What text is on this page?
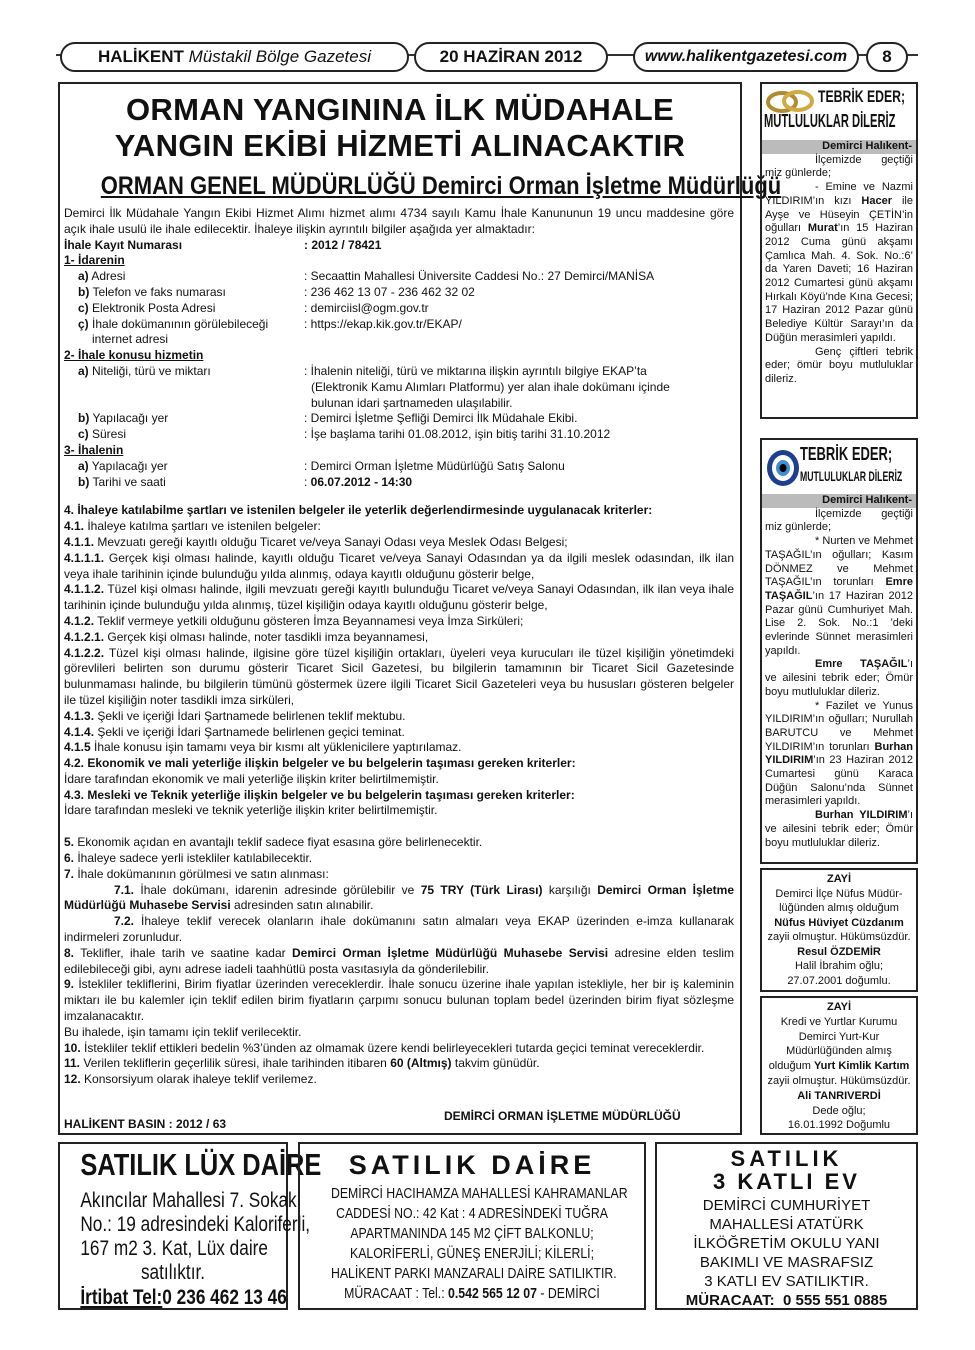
HALİKENT
Müstakil Bölge Gazetesi	20 HAZİRAN 2012	www.halikentgazetesi.com	8
ORMAN YANGININA İLK MÜDAHALE
YANGIN EKİBİ HİZMETİ ALINACAKTIR
ORMAN GENEL MÜDÜRLÜĞÜ Demirci Orman İşletme Müdürlüğü

Demirci İlk Müdahale Yangın Ekibi Hizmet Alımı hizmet alımı 4734 sayılı Kamu İhale Kanununun 19 uncu maddesine göre açık ihale usulü ile ihale edilecektir. İhaleye ilişkin ayrıntılı bilgiler aşağıda yer almaktadır:

İhale Kayıt Numarası	: 2012 / 78421
1- İdarenin
a) Adresi	: Secaattin Mahallesi Üniversite Caddesi No.: 27 Demirci/MANİSA
b) Telefon ve faks numarası	: 236 462 13 07 - 236 462 32 02
c) Elektronik Posta Adresi	: demirciisl@ogm.gov.tr
ç) İhale dokümanının görülebileceği
internet adresi
: https://ekap.kik.gov.tr/EKAP/
2- İhale konusu hizmetin
a) Niteliği, türü ve miktarı	: İhalenin niteliği, türü ve miktarına ilişkin ayrıntılı bilgiye EKAP’ta
(Elektronik Kamu Alımları Platformu) yer alan ihale dokümanı içinde
bulunan idari şartnameden ulaşılabilir.
b) Yapılacağı yer	: Demirci İşletme Şefliği Demirci İlk Müdahale Ekibi.
c) Süresi	: İşe başlama tarihi 01.08.2012, işin bitiş tarihi 31.10.2012
3- İhalenin
a) Yapılacağı yer	: Demirci Orman İşletme Müdürlüğü Satış Salonu
b) Tarihi ve saati	: 06.07.2012 - 14:30

4. İhaleye katılabilme şartları ve istenilen belgeler ile yeterlik değerlendirmesinde uygulanacak kriterler:

4.1. İhaleye katılma şartları ve istenilen belgeler:

4.1.1. Mevzuatı gereği kayıtlı olduğu Ticaret ve/veya Sanayi Odası veya Meslek Odası Belgesi;

4.1.1.1. Gerçek kişi olması halinde, kayıtlı olduğu Ticaret ve/veya Sanayi Odasından ya da ilgili meslek odasından, ilk ilan veya ihale tarihinin içinde bulunduğu yılda alınmış, odaya kayıtlı olduğunu gösterir belge,

4.1.1.2. Tüzel kişi olması halinde, ilgili mevzuatı gereği kayıtlı bulunduğu Ticaret ve/veya Sanayi Odasından, ilk ilan veya ihale tarihinin içinde bulunduğu yılda alınmış, tüzel kişiliğin odaya kayıtlı olduğunu gösterir belge,

4.1.2. Teklif vermeye yetkili olduğunu gösteren İmza Beyannamesi veya İmza Sirküleri;

4.1.2.1. Gerçek kişi olması halinde, noter tasdikli imza beyannamesi,

4.1.2.2. Tüzel kişi olması halinde, ilgisine göre tüzel kişiliğin ortakları, üyeleri veya kurucuları ile tüzel kişiliğin yönetimdeki görevlileri belirten son durumu gösterir Ticaret Sicil Gazetesi, bu bilgilerin tamamının bir Ticaret Sicil Gazetesinde bulunmaması halinde, bu bilgilerin tümünü göstermek üzere ilgili Ticaret Sicil Gazeteleri veya bu hususları gösteren belgeler ile tüzel kişiliğin noter tasdikli imza sirküleri,

4.1.3. Şekli ve içeriği İdari Şartnamede belirlenen teklif mektubu.

4.1.4. Şekli ve içeriği İdari Şartnamede belirlenen geçici teminat.

4.1.5 İhale konusu işin tamamı veya bir kısmı alt yüklenicilere yaptırılamaz.

4.2. Ekonomik ve mali yeterliğe ilişkin belgeler ve bu belgelerin taşıması gereken kriterler:

İdare tarafından ekonomik ve mali yeterliğe ilişkin kriter belirtilmemiştir.

4.3. Mesleki ve Teknik yeterliğe ilişkin belgeler ve bu belgelerin taşıması gereken kriterler:

İdare tarafından mesleki ve teknik yeterliğe ilişkin kriter belirtilmemiştir.

5. Ekonomik açıdan en avantajlı teklif sadece fiyat esasına göre belirlenecektir.

6. İhaleye sadece yerli istekliler katılabilecektir.

7. İhale dokümanının görülmesi ve satın alınması:

7.1. İhale dokümanı, idarenin adresinde görülebilir ve 75 TRY (Türk Lirası) karşılığı Demirci Orman İşletme Müdürlüğü Muhasebe Servisi adresinden satın alınabilir.

7.2. İhaleye teklif verecek olanların ihale dokümanını satın almaları veya EKAP üzerinden e-imza kullanarak indirmeleri zorunludur.

8. Teklifler, ihale tarih ve saatine kadar Demirci Orman İşletme Müdürlüğü Muhasebe Servisi adresine elden teslim edilebileceği gibi, aynı adrese iadeli taahhütlü posta vasıtasıyla da gönderilebilir.

9. İstekliler tekliflerini, Birim fiyatlar üzerinden vereceklerdir. İhale sonucu üzerine ihale yapılan istekliyle, her bir iş kaleminin miktarı ile bu kalemler için teklif edilen birim fiyatların çarpımı sonucu bulunan toplam bedel üzerinden birim fiyat sözleşme imzalanacaktır.

Bu ihalede, işin tamamı için teklif verilecektir.

10. İstekliler teklif ettikleri bedelin %3’ünden az olmamak üzere kendi belirleyecekleri tutarda geçici teminat vereceklerdir.

11. Verilen tekliflerin geçerlilik süresi, ihale tarihinden itibaren 60 (Altmış) takvim günüdür.

12. Konsorsiyum olarak ihaleye teklif verilemez.

HALİKENT BASIN : 2012 / 63
DEMİRCİ ORMAN İŞLETME MÜDÜRLÜĞÜ
TEBRİK EDER;
MUTLULUKLAR DİLERİZ
Demirci Halıkent-

İlçemizde geçtiği miz günlerde;

- Emine ve Nazmi YILDIRIM’ın kızı Hacer ile Ayşe ve Hüseyin ÇETİN’in oğulları Murat’ın 15 Haziran 2012 Cuma günü akşamı Çamlıca Mah. 4. Sok. No.:6’ da Yaren Daveti; 16 Haziran 2012 Cumartesi günü akşamı Hırkalı Köyü’nde Kına Gecesi; 17 Haziran 2012 Pazar günü Belediye Kültür Sarayı’ın da Düğün merasimleri yapıldı.

Genç çiftleri tebrik eder; ömür boyu mutluluklar dileriz.

TEBRİK EDER;
MUTLULUKLAR DİLERİZ
Demirci Halıkent-

İlçemizde geçtiği miz günlerde;

* Nurten ve Mehmet TAŞAĞIL’ın oğulları; Kasım DÖNMEZ ve Mehmet TAŞAĞIL’ın torunları Emre TAŞAĞIL’ın 17 Haziran 2012 Pazar günü Cumhuriyet Mah. Lise 2. Sok. No.:1 ’deki evlerinde Sünnet merasimleri yapıldı.

Emre TAŞAĞIL’ı ve ailesini tebrik eder; Ömür boyu mutluluklar dileriz.

* Fazilet ve Yunus YILDIRIM’ın oğulları; Nurullah BARUTCU ve Mehmet YILDIRIM’ın torunları Burhan YILDIRIM’ın 23 Haziran 2012 Cumartesi günü Karaca Düğün Salonu’nda Sünnet merasimleri yapıldı.

Burhan YILDIRIM’ı ve ailesini tebrik eder; Ömür boyu mutluluklar dileriz.

ZAYİ
Demirci İlçe Nüfus Müdür-
lüğünden almış olduğum
Nüfus Hüviyet Cüzdanım
zayii olmuştur. Hükümsüzdür.
Resul ÖZDEMİR
Halil İbrahim oğlu;
27.07.2001 doğumlu.
ZAYİ
Kredi ve Yurtlar Kurumu
Demirci Yurt-Kur
Müdürlüğünden almış
olduğum Yurt Kimlik Kartım
zayii olmuştur. Hükümsüzdür.
Ali TANRIVERDİ
Dede oğlu;
16.01.1992 Doğumlu
SATILIK LÜX DAİRE
Akıncılar Mahallesi 7. Sokak
No.: 19 adresindeki Kaloriferli,
167 m2 3. Kat, Lüx daire
satılıktır.
İrtibat Tel:0 236 462 13 46
SATILIK DAİRE
DEMİRCİ HACIHAMZA MAHALLESİ KAHRAMANLAR
CADDESİ NO.: 42 Kat : 4 ADRESİNDEKİ TUĞRA
APARTMANINDA 145 M2 ÇİFT BALKONLU;
KALORİFERLİ, GÜNEŞ ENERJİLİ; KİLERLİ;
HALİKENT PARKI MANZARALI DAİRE SATILIKTIR.
MÜRACAAT : Tel.: 0.542 565 12 07 - DEMİRCİ
SATILIK
3 KATLI EV
DEMİRCİ CUMHURİYET
MAHALLESİ ATATÜRK
İLKÖĞRETİM OKULU YANI
BAKIMLI VE MASRAFSIZ
3 KATLI EV SATILIKTIR.
MÜRACAAT: 0 555 551 0885
